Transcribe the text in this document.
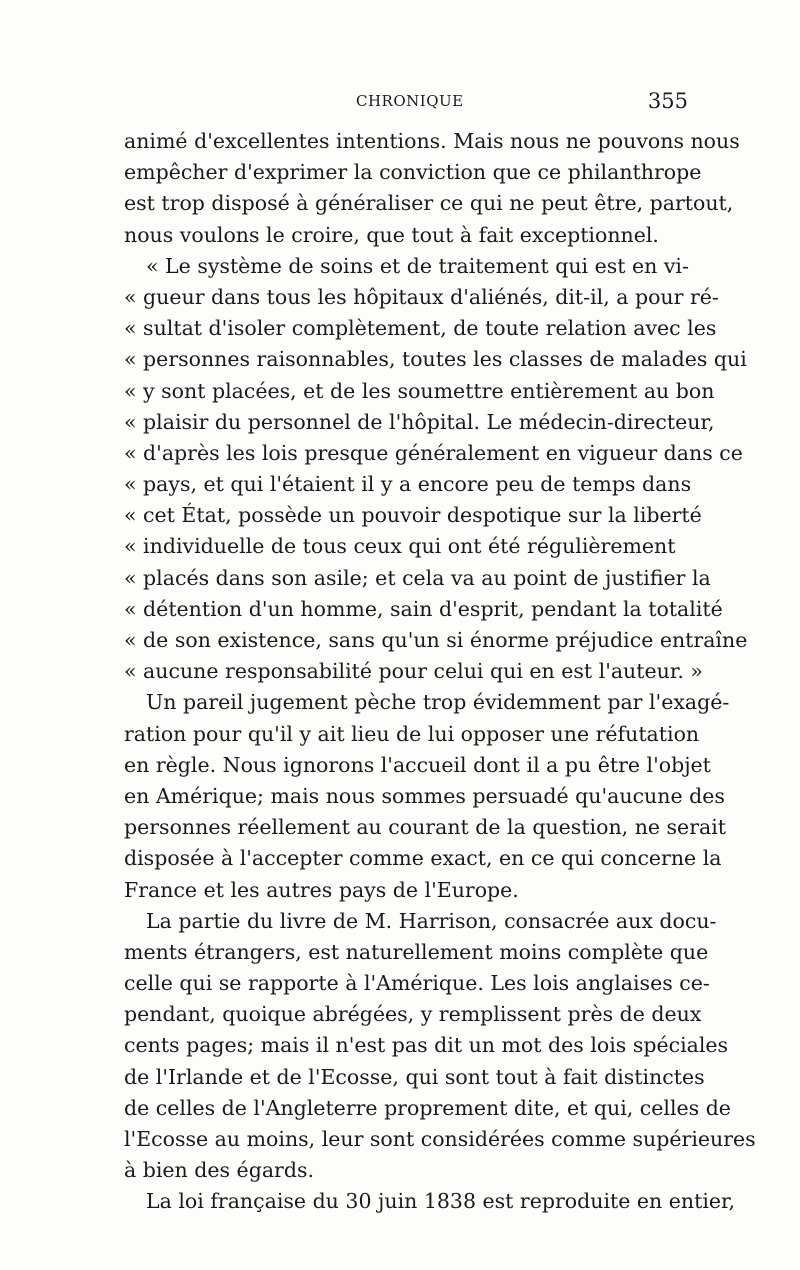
CHRONIQUE	355
animé d'excellentes intentions. Mais nous ne pouvons nous
empêcher d'exprimer la conviction que ce philanthrope
est trop disposé à généraliser ce qui ne peut être, partout,
nous voulons le croire, que tout à fait exceptionnel.
« Le système de soins et de traitement qui est en vi-
« gueur dans tous les hôpitaux d'aliénés, dit-il, a pour ré-
« sultat d'isoler complètement, de toute relation avec les
« personnes raisonnables, toutes les classes de malades qui
« y sont placées, et de les soumettre entièrement au bon
« plaisir du personnel de l'hôpital. Le médecin-directeur,
« d'après les lois presque généralement en vigueur dans ce
« pays, et qui l'étaient il y a encore peu de temps dans
« cet État, possède un pouvoir despotique sur la liberté
« individuelle de tous ceux qui ont été régulièrement
« placés dans son asile; et cela va au point de justifier la
« détention d'un homme, sain d'esprit, pendant la totalité
« de son existence, sans qu'un si énorme préjudice entraîne
« aucune responsabilité pour celui qui en est l'auteur. »
Un pareil jugement pèche trop évidemment par l'exagé-
ration pour qu'il y ait lieu de lui opposer une réfutation
en règle. Nous ignorons l'accueil dont il a pu être l'objet
en Amérique; mais nous sommes persuadé qu'aucune des
personnes réellement au courant de la question, ne serait
disposée à l'accepter comme exact, en ce qui concerne la
France et les autres pays de l'Europe.
La partie du livre de M. Harrison, consacrée aux docu-
ments étrangers, est naturellement moins complète que
celle qui se rapporte à l'Amérique. Les lois anglaises ce-
pendant, quoique abrégées, y remplissent près de deux
cents pages; mais il n'est pas dit un mot des lois spéciales
de l'Irlande et de l'Ecosse, qui sont tout à fait distinctes
de celles de l'Angleterre proprement dite, et qui, celles de
l'Ecosse au moins, leur sont considérées comme supérieures
à bien des égards.
La loi française du 30 juin 1838 est reproduite en entier,
